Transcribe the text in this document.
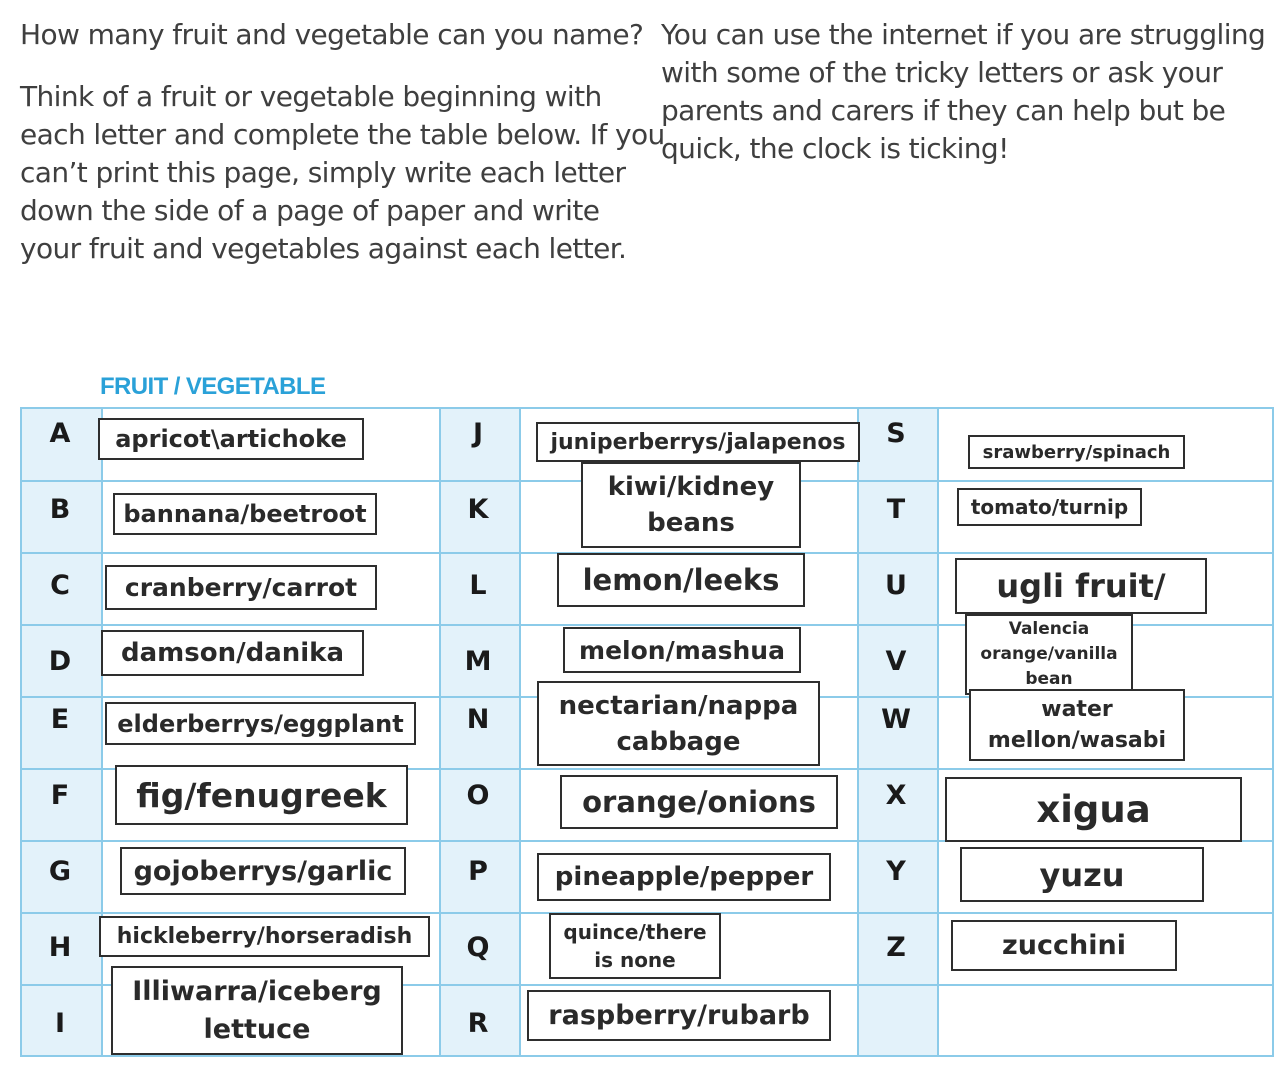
How many fruit and vegetable can you name?
Think of a fruit or vegetable beginning with
each letter and complete the table below. If you
can’t print this page, simply write each letter
down the side of a page of paper and write
your fruit and vegetables against each letter.
You can use the internet if you are struggling
with some of the tricky letters or ask your
parents and carers if they can help but be
quick, the clock is ticking!
FRUIT / VEGETABLE
A
B
C
D
E
F
G
H
I
J
K
L
M
N
O
P
Q
R
S
T
U
V
W
X
Y
Z
apricot\artichoke
bannana/beetroot
cranberry/carrot
damson/danika
elderberrys/eggplant
fig/fenugreek
gojoberrys/garlic
hickleberry/horseradish
Illiwarra/iceberg lettuce
juniperberrys/jalapenos
kiwi/kidney beans
lemon/leeks
melon/mashua
nectarian/nappa cabbage
orange/onions
pineapple/pepper
quince/there is none
raspberry/rubarb
srawberry/spinach
tomato/turnip
ugli fruit/
Valencia orange/vanilla bean
water mellon/wasabi
xigua
yuzu
zucchini
